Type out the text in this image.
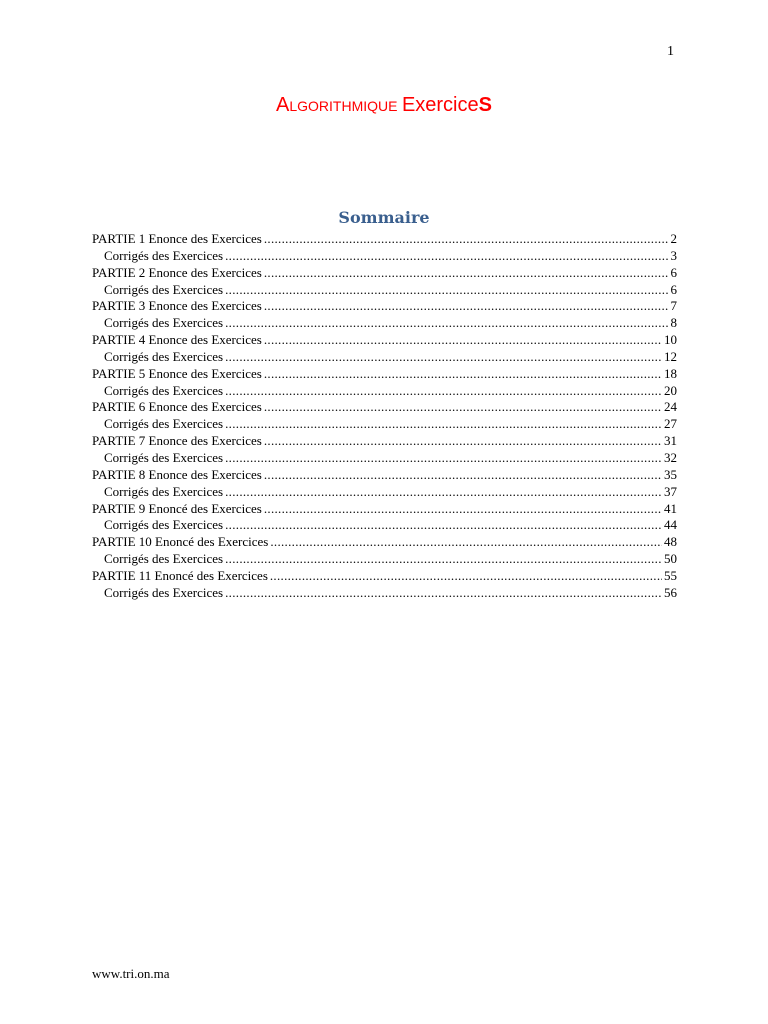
1
ALGORITHMIQUE ExerciceS
Sommaire
PARTIE 1 Enonce des Exercices .....	2
Corrigés des Exercices .....	3
PARTIE 2 Enonce des Exercices .....	6
Corrigés des Exercices .....	6
PARTIE 3 Enonce des Exercices .....	7
Corrigés des Exercices .....	8
PARTIE 4 Enonce des Exercices .....	10
Corrigés des Exercices .....	12
PARTIE 5 Enonce des Exercices .....	18
Corrigés des Exercices .....	20
PARTIE 6 Enonce des Exercices .....	24
Corrigés des Exercices .....	27
PARTIE 7 Enonce des Exercices .....	31
Corrigés des Exercices .....	32
PARTIE 8 Enonce des Exercices .....	35
Corrigés des Exercices .....	37
PARTIE 9 Enoncé des Exercices .....	41
Corrigés des Exercices .....	44
PARTIE 10 Enoncé des Exercices .....	48
Corrigés des Exercices .....	50
PARTIE 11 Enoncé des Exercices .....	55
Corrigés des Exercices .....	56
www.tri.on.ma
